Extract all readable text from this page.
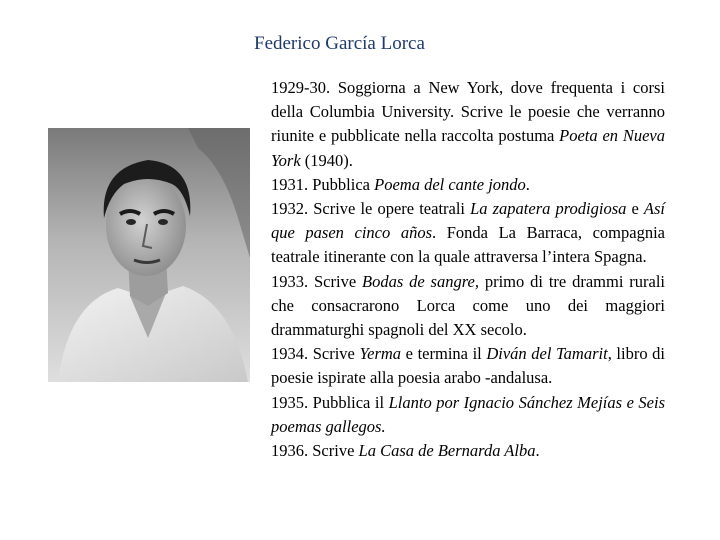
Federico García Lorca

1929-30. Soggiorna a New York, dove frequenta i corsi della Columbia University. Scrive le poesie che verranno riunite e pubblicate nella raccolta postuma Poeta en Nueva York (1940).

1931. Pubblica Poema del cante jondo.

1932. Scrive le opere teatrali La zapatera prodigiosa e Así que pasen cinco años. Fonda La Barraca, compagnia teatrale itinerante con la quale attraversa l’intera Spagna.

1933. Scrive Bodas de sangre, primo di tre drammi rurali che consacrarono Lorca come uno dei maggiori drammaturghi spagnoli del XX secolo.

1934. Scrive Yerma e termina il Diván del Tamarit, libro di poesie ispirate alla poesia arabo -andalusa.

1935. Pubblica il Llanto por Ignacio Sánchez Mejías e Seis poemas gallegos.

1936. Scrive La Casa de Bernarda Alba.
